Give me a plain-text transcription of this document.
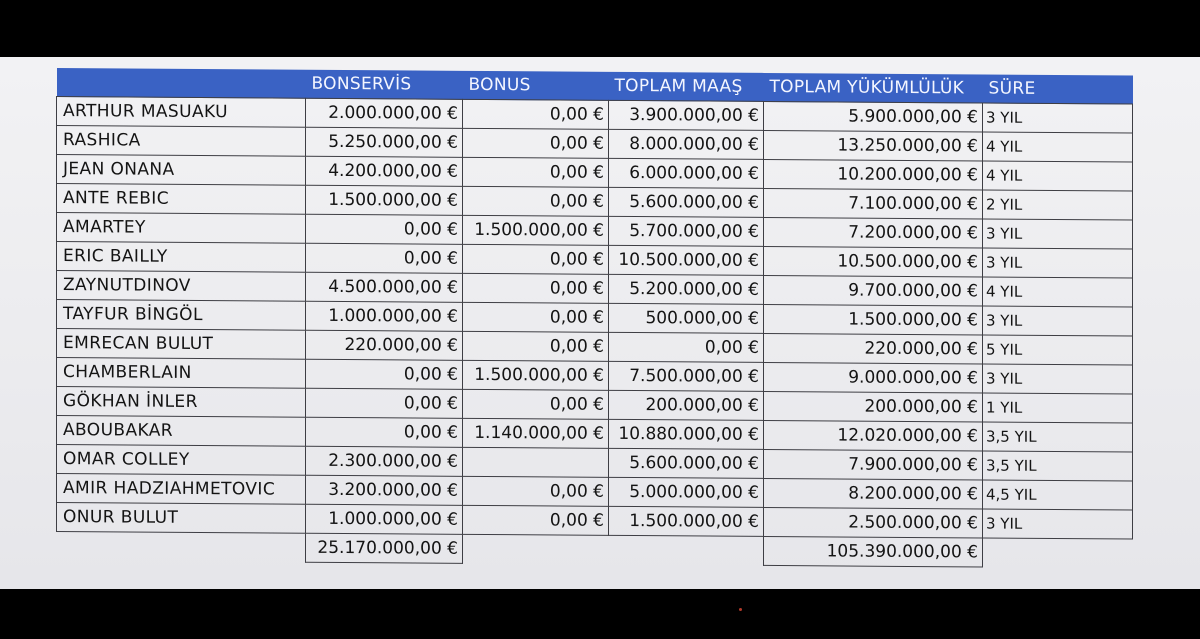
	BONSERVİS	BONUS	TOPLAM MAAŞ	TOPLAM YÜKÜMLÜLÜK	SÜRE
ARTHUR MASUAKU	2.000.000,00 €	0,00 €	3.900.000,00 €	5.900.000,00 €	3 YIL
RASHICA	5.250.000,00 €	0,00 €	8.000.000,00 €	13.250.000,00 €	4 YIL
JEAN ONANA	4.200.000,00 €	0,00 €	6.000.000,00 €	10.200.000,00 €	4 YIL
ANTE REBIC	1.500.000,00 €	0,00 €	5.600.000,00 €	7.100.000,00 €	2 YIL
AMARTEY	0,00 €	1.500.000,00 €	5.700.000,00 €	7.200.000,00 €	3 YIL
ERIC BAILLY	0,00 €	0,00 €	10.500.000,00 €	10.500.000,00 €	3 YIL
ZAYNUTDINOV	4.500.000,00 €	0,00 €	5.200.000,00 €	9.700.000,00 €	4 YIL
TAYFUR BİNGÖL	1.000.000,00 €	0,00 €	500.000,00 €	1.500.000,00 €	3 YIL
EMRECAN BULUT	220.000,00 €	0,00 €	0,00 €	220.000,00 €	5 YIL
CHAMBERLAIN	0,00 €	1.500.000,00 €	7.500.000,00 €	9.000.000,00 €	3 YIL
GÖKHAN İNLER	0,00 €	0,00 €	200.000,00 €	200.000,00 €	1 YIL
ABOUBAKAR	0,00 €	1.140.000,00 €	10.880.000,00 €	12.020.000,00 €	3,5 YIL
OMAR COLLEY	2.300.000,00 €		5.600.000,00 €	7.900.000,00 €	3,5 YIL
AMIR HADZIAHMETOVIC	3.200.000,00 €	0,00 €	5.000.000,00 €	8.200.000,00 €	4,5 YIL
ONUR BULUT	1.000.000,00 €	0,00 €	1.500.000,00 €	2.500.000,00 €	3 YIL
	25.170.000,00 €			105.390.000,00 €	
